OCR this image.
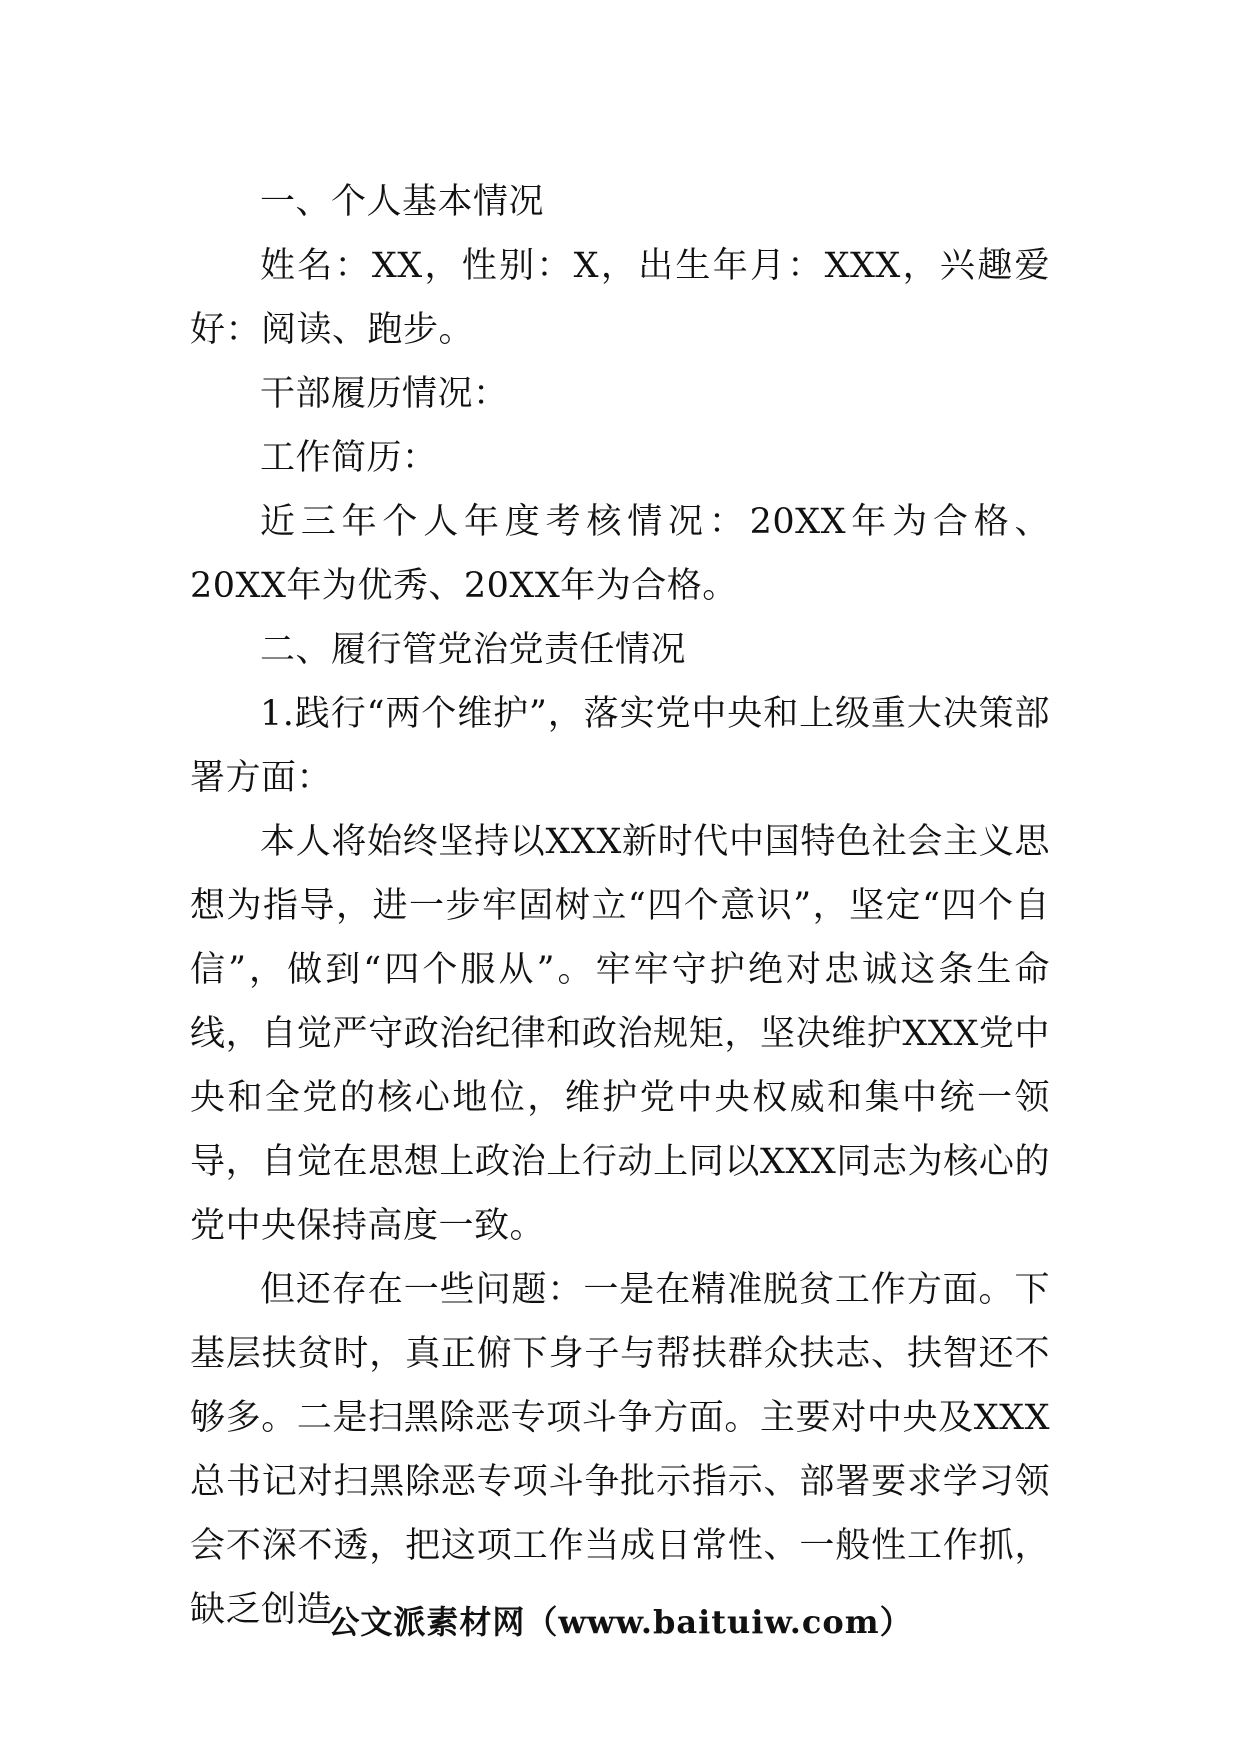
一、个人基本情况

姓名：XX，性别：X，出生年月：XXX，兴趣爱好：阅读、跑步。

干部履历情况：

工作简历：

近三年个人年度考核情况：20XX年为合格、20XX年为优秀、20XX年为合格。

二、履行管党治党责任情况

1.践行“两个维护”，落实党中央和上级重大决策部署方面：

本人将始终坚持以XXX新时代中国特色社会主义思想为指导，进一步牢固树立“四个意识”，坚定“四个自信”，做到“四个服从”。牢牢守护绝对忠诚这条生命线，自觉严守政治纪律和政治规矩，坚决维护XXX党中央和全党的核心地位，维护党中央权威和集中统一领导，自觉在思想上政治上行动上同以XXX同志为核心的党中央保持高度一致。

但还存在一些问题：一是在精准脱贫工作方面。下基层扶贫时，真正俯下身子与帮扶群众扶志、扶智还不够多。二是扫黑除恶专项斗争方面。主要对中央及XXX总书记对扫黑除恶专项斗争批示指示、部署要求学习领会不深不透，把这项工作当成日常性、一般性工作抓，缺乏创造

公文派素材网（www.baituiw.com）
